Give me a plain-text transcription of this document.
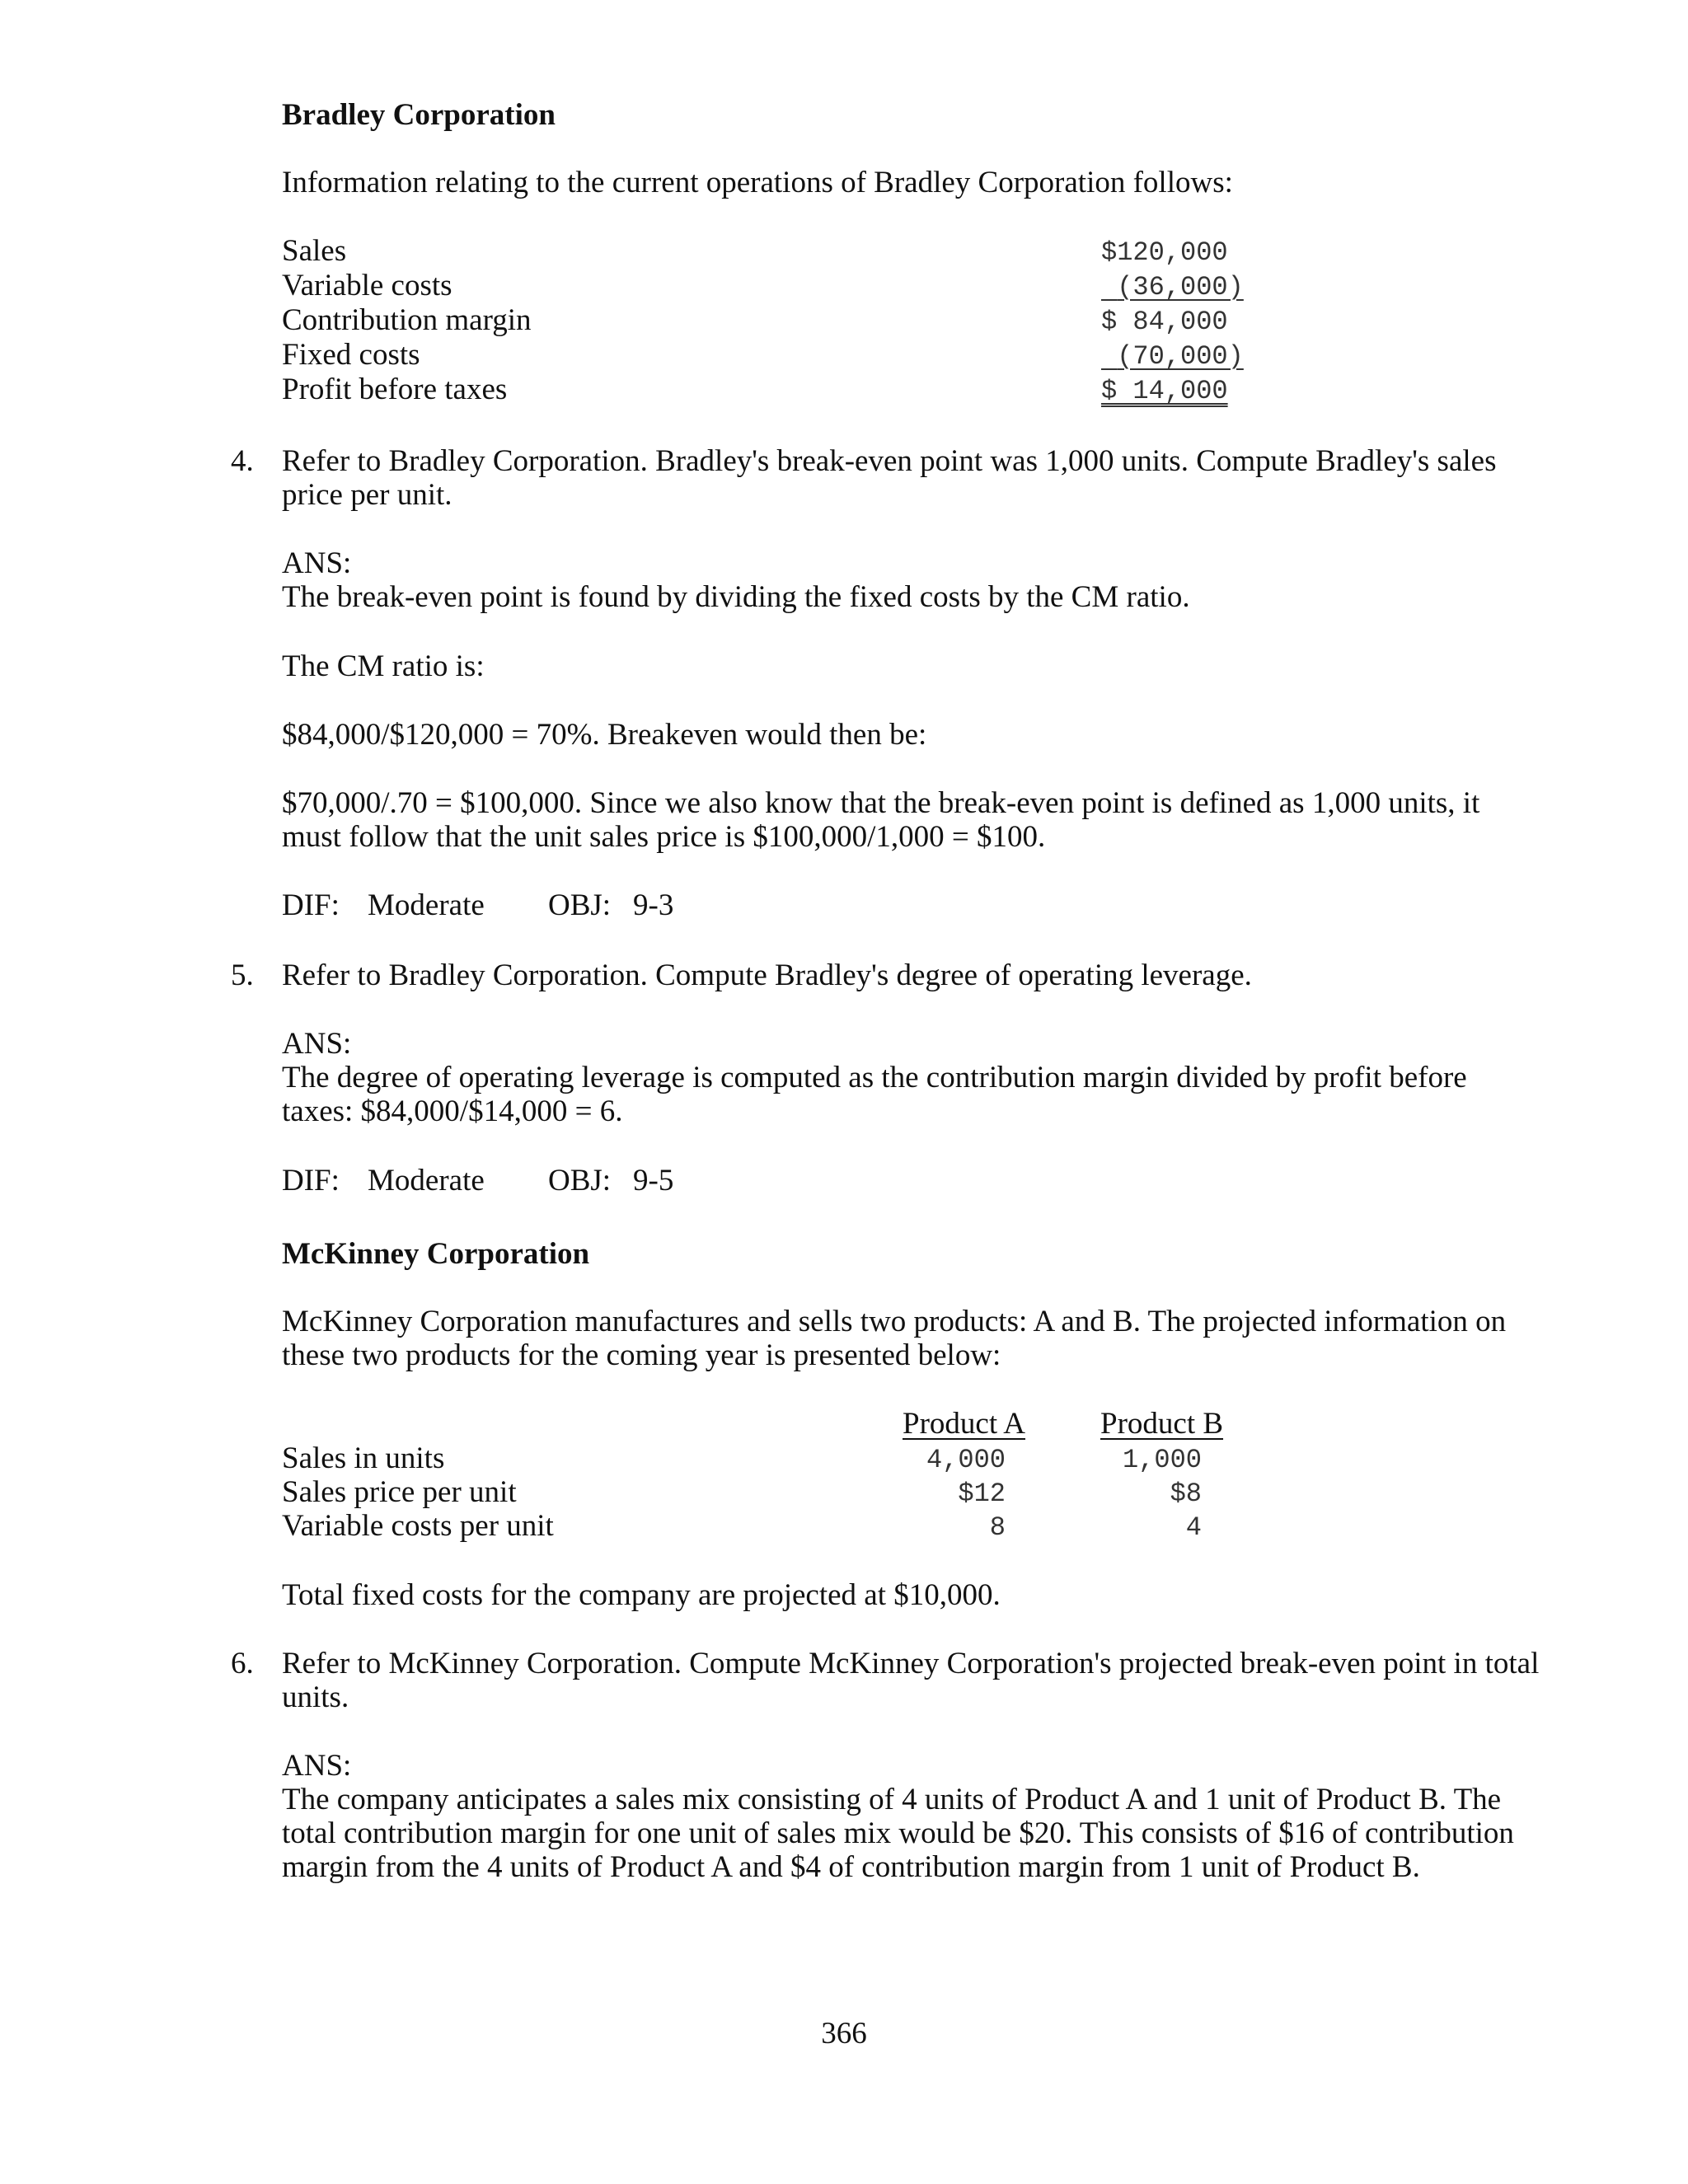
Bradley Corporation
Information relating to the current operations of Bradley Corporation follows:
Sales	$120,000
Variable costs	(36,000)
Contribution margin	$ 84,000
Fixed costs	(70,000)
Profit before taxes	$ 14,000
4. Refer to Bradley Corporation. Bradley's break-even point was 1,000 units. Compute Bradley's sales
price per unit.
ANS:
The break-even point is found by dividing the fixed costs by the CM ratio.
The CM ratio is:
$84,000/$120,000 = 70%. Breakeven would then be:
$70,000/.70 = $100,000. Since we also know that the break-even point is defined as 1,000 units, it
must follow that the unit sales price is $100,000/1,000 = $100.
DIF: Moderate OBJ: 9-3
5. Refer to Bradley Corporation. Compute Bradley's degree of operating leverage.
ANS:
The degree of operating leverage is computed as the contribution margin divided by profit before
taxes: $84,000/$14,000 = 6.
DIF: Moderate OBJ: 9-5
McKinney Corporation
McKinney Corporation manufactures and sells two products: A and B. The projected information on
these two products for the coming year is presented below:
Product A Product B
Sales in units	4,000	1,000
Sales price per unit	$12	$8
Variable costs per unit	8	4
Total fixed costs for the company are projected at $10,000.
6. Refer to McKinney Corporation. Compute McKinney Corporation's projected break-even point in total
units.
ANS:
The company anticipates a sales mix consisting of 4 units of Product A and 1 unit of Product B. The
total contribution margin for one unit of sales mix would be $20. This consists of $16 of contribution
margin from the 4 units of Product A and $4 of contribution margin from 1 unit of Product B.
366
